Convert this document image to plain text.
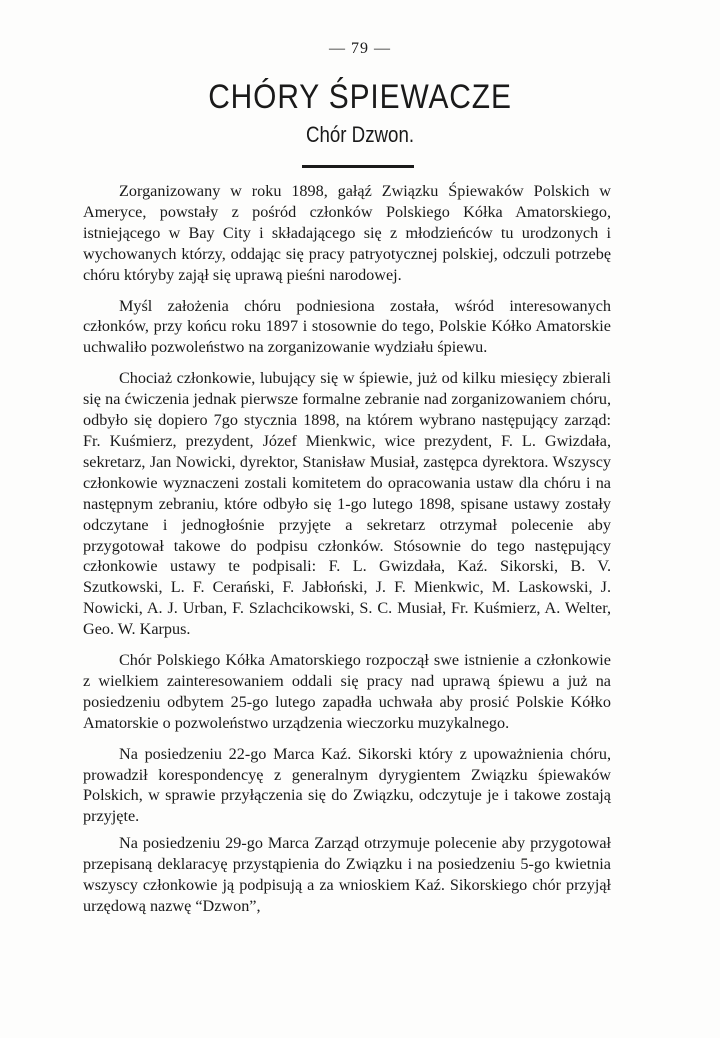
— 79 —
CHÓRY ŚPIEWACZE
Chór Dzwon.

Zorganizowany w roku 1898, gałąź Związku Śpiewaków Polskich w Ameryce, powstały z pośród członków Polskiego Kółka Amatorskiego, istniejącego w Bay City i składającego się z młodzieńców tu urodzonych i wychowanych którzy, oddając się pracy patryotycznej polskiej, odczuli potrzebę chóru któryby zajął się uprawą pieśni narodowej.

Myśl założenia chóru podniesiona została, wśród interesowanych członków, przy końcu roku 1897 i stosownie do tego, Polskie Kółko Amatorskie uchwaliło pozwoleństwo na zorganizowanie wydziału śpiewu.

Chociaż członkowie, lubujący się w śpiewie, już od kilku miesięcy zbierali się na ćwiczenia jednak pierwsze formalne zebranie nad zorganizowaniem chóru, odbyło się dopiero 7go stycznia 1898, na którem wybrano następujący zarząd: Fr. Kuśmierz, prezydent, Józef Mienkwic, wice prezydent, F. L. Gwizdała, sekretarz, Jan Nowicki, dyrektor, Stanisław Musiał, zastępca dyrektora. Wszyscy członkowie wyznaczeni zostali komitetem do opracowania ustaw dla chóru i na następnym zebraniu, które odbyło się 1-go lutego 1898, spisane ustawy zostały odczytane i jednogłośnie przyjęte a sekretarz otrzymał polecenie aby przygotował takowe do podpisu członków. Stósownie do tego następujący członkowie ustawy te podpisali: F. L. Gwizdała, Kaź. Sikorski, B. V. Szutkowski, L. F. Cerański, F. Jabłoński, J. F. Mienkwic, M. Laskowski, J. Nowicki, A. J. Urban, F. Szlachcikowski, S. C. Musiał, Fr. Kuśmierz, A. Welter, Geo. W. Karpus.

Chór Polskiego Kółka Amatorskiego rozpoczął swe istnienie a członkowie z wielkiem zainteresowaniem oddali się pracy nad uprawą śpiewu a już na posiedzeniu odbytem 25-go lutego zapadła uchwała aby prosić Polskie Kółko Amatorskie o pozwoleństwo urządzenia wieczorku muzykalnego.

Na posiedzeniu 22-go Marca Kaź. Sikorski który z upoważnienia chóru, prowadził korespondencyę z generalnym dyrygientem Związku śpiewaków Polskich, w sprawie przyłączenia się do Związku, odczytuje je i takowe zostają przyjęte.

Na posiedzeniu 29-go Marca Zarząd otrzymuje polecenie aby przygotował przepisaną deklaracyę przystąpienia do Związku i na posiedzeniu 5-go kwietnia wszyscy członkowie ją podpisują a za wnioskiem Kaź. Sikorskiego chór przyjął urzędową nazwę “Dzwon”,
